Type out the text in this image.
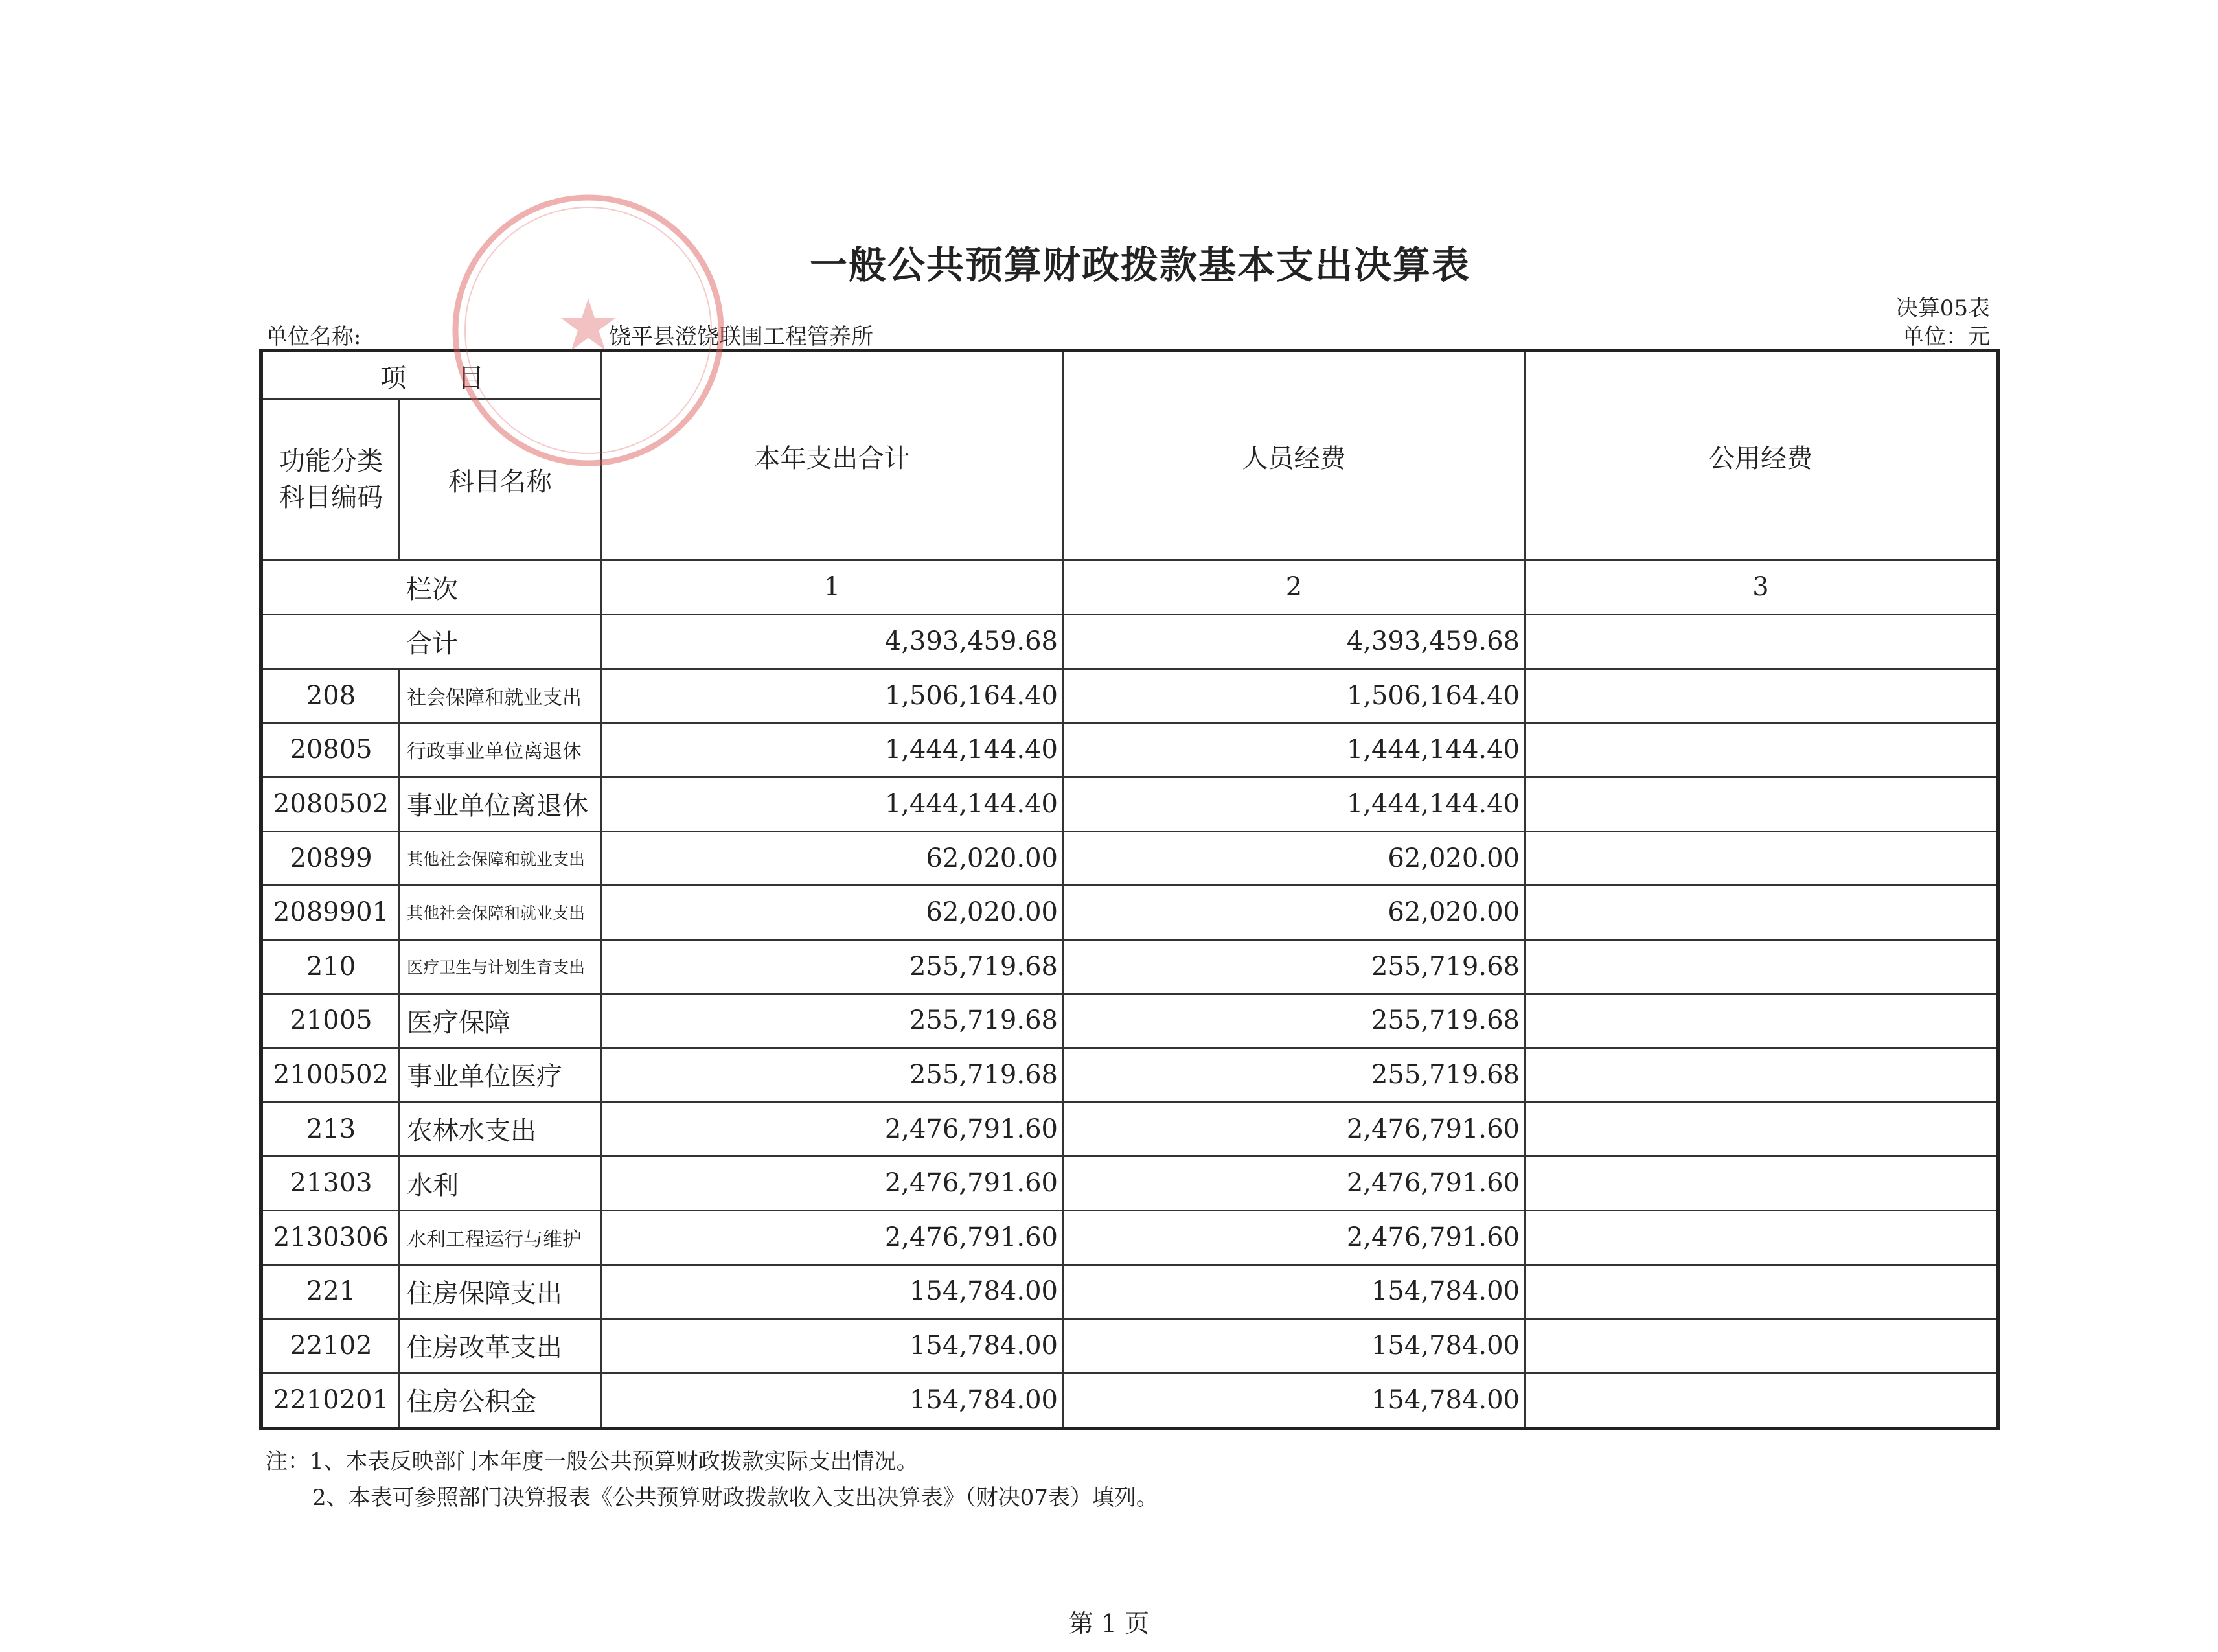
一般公共预算财政拨款基本支出决算表
决算05表
单位名称:	饶平县澄饶联围工程管养所	单位：元
项　　目
功能分类
科目编码
科目名称
本年支出合计	人员经费	公用经费
栏次	1	2	3
合计	4,393,459.68	4,393,459.68
208	社会保障和就业支出	1,506,164.40	1,506,164.40
20805	行政事业单位离退休	1,444,144.40	1,444,144.40
2080502 事业单位离退休	1,444,144.40	1,444,144.40
20899	其他社会保障和就业支出	62,020.00	62,020.00
2089901	其他社会保障和就业支出	62,020.00	62,020.00
210	医疗卫生与计划生育支出	255,719.68	255,719.68
21005	医疗保障	255,719.68	255,719.68
2100502 事业单位医疗	255,719.68	255,719.68
213	农林水支出	2,476,791.60	2,476,791.60
21303	水利	2,476,791.60	2,476,791.60
2130306 水利工程运行与维护	2,476,791.60	2,476,791.60
221	住房保障支出	154,784.00	154,784.00
22102	住房改革支出	154,784.00	154,784.00
2210201 住房公积金	154,784.00	154,784.00
★
注：1、本表反映部门本年度一般公共预算财政拨款实际支出情况。
2、本表可参照部门决算报表《公共预算财政拨款收入支出决算表》（财决07表）填列。
第 1 页
